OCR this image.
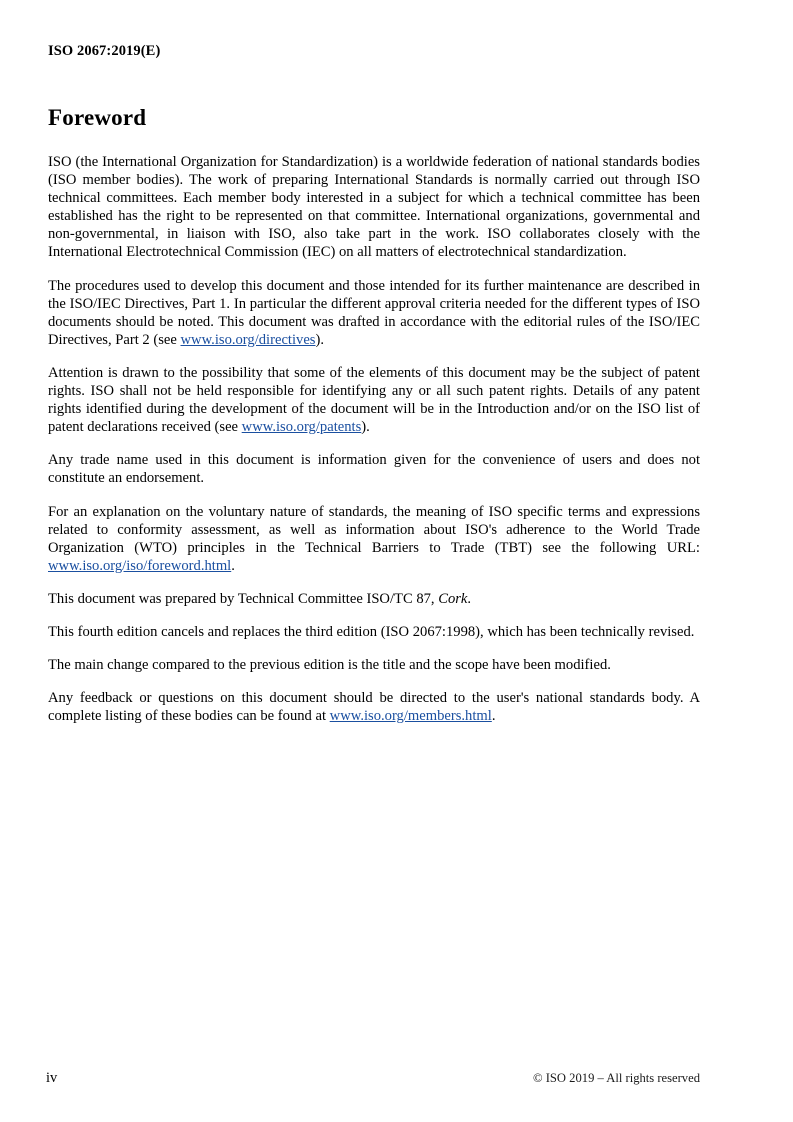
ISO 2067:2019(E)
Foreword

ISO (the International Organization for Standardization) is a worldwide federation of national standards bodies (ISO member bodies). The work of preparing International Standards is normally carried out through ISO technical committees. Each member body interested in a subject for which a technical committee has been established has the right to be represented on that committee. International organizations, governmental and non-governmental, in liaison with ISO, also take part in the work. ISO collaborates closely with the International Electrotechnical Commission (IEC) on all matters of electrotechnical standardization.

The procedures used to develop this document and those intended for its further maintenance are described in the ISO/IEC Directives, Part 1. In particular the different approval criteria needed for the different types of ISO documents should be noted. This document was drafted in accordance with the editorial rules of the ISO/IEC Directives, Part 2 (see www.iso.org/directives).

Attention is drawn to the possibility that some of the elements of this document may be the subject of patent rights. ISO shall not be held responsible for identifying any or all such patent rights. Details of any patent rights identified during the development of the document will be in the Introduction and/or on the ISO list of patent declarations received (see www.iso.org/patents).

Any trade name used in this document is information given for the convenience of users and does not constitute an endorsement.

For an explanation on the voluntary nature of standards, the meaning of ISO specific terms and expressions related to conformity assessment, as well as information about ISO's adherence to the World Trade Organization (WTO) principles in the Technical Barriers to Trade (TBT) see the following URL: www.iso.org/iso/foreword.html.

This document was prepared by Technical Committee ISO/TC 87, Cork.

This fourth edition cancels and replaces the third edition (ISO 2067:1998), which has been technically revised.

The main change compared to the previous edition is the title and the scope have been modified.

Any feedback or questions on this document should be directed to the user's national standards body. A complete listing of these bodies can be found at www.iso.org/members.html.

iv	© ISO 2019 – All rights reserved
